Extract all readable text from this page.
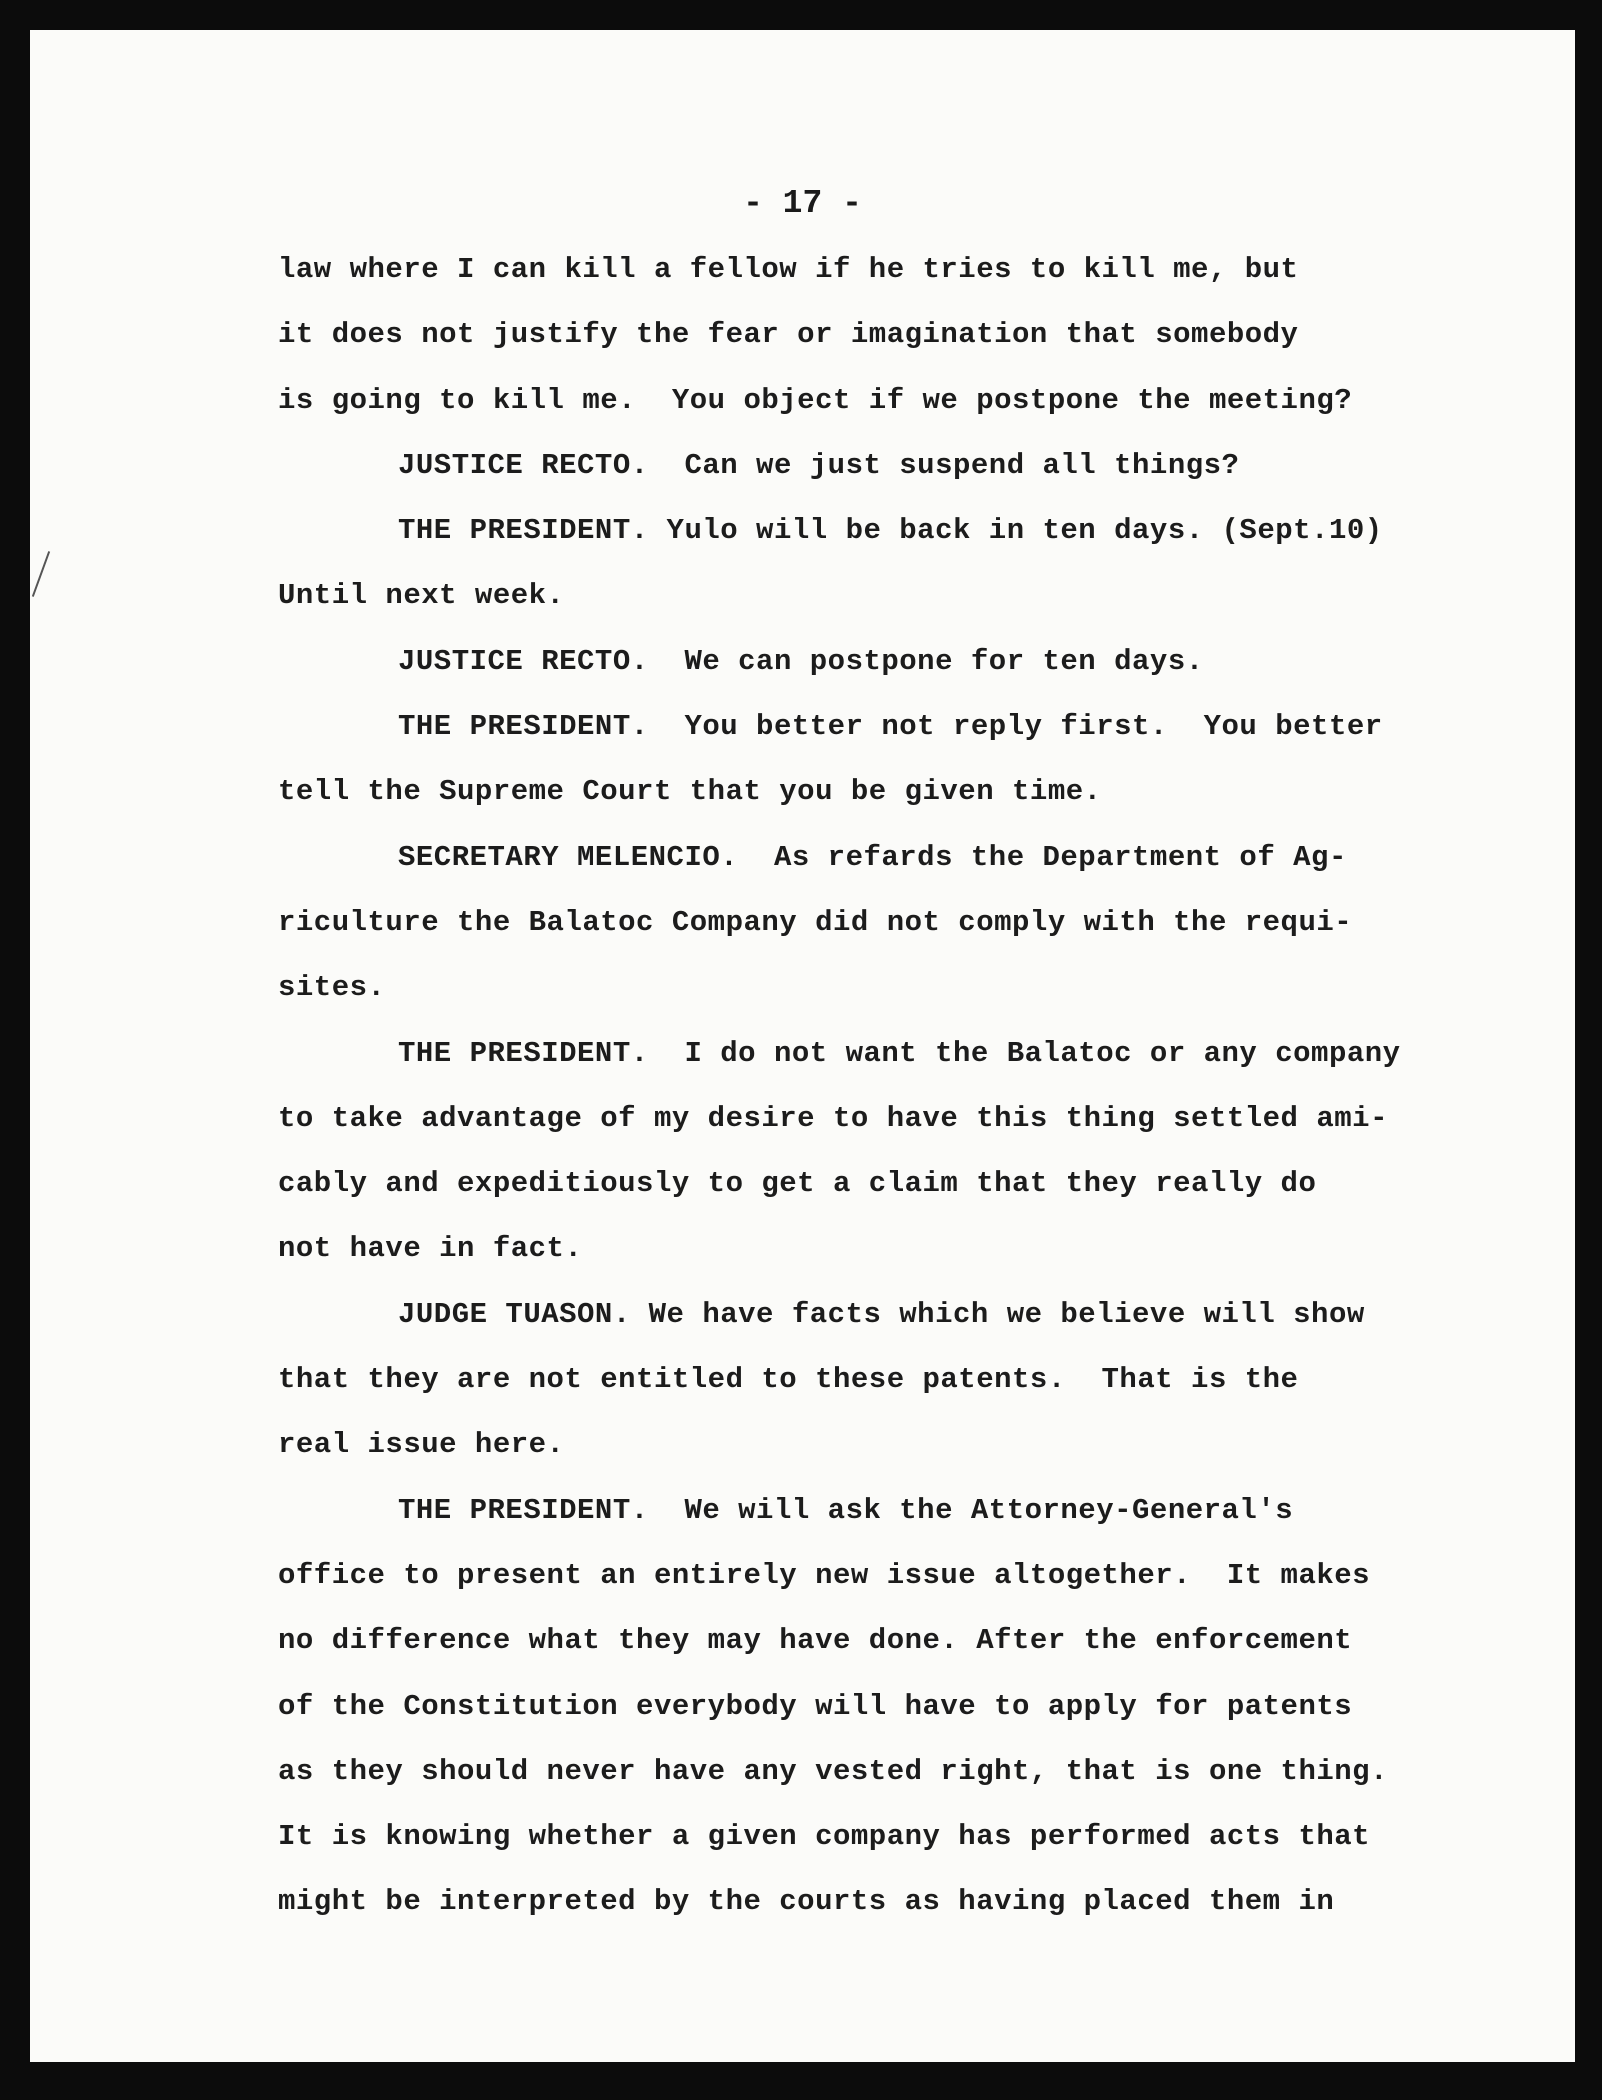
- 17 -
law where I can kill a fellow if he tries to kill me, but
it does not justify the fear or imagination that somebody
is going to kill me.  You object if we postpone the meeting?
JUSTICE RECTO.  Can we just suspend all things?
THE PRESIDENT. Yulo will be back in ten days. (Sept.10)
Until next week.
JUSTICE RECTO.  We can postpone for ten days.
THE PRESIDENT.  You better not reply first.  You better
tell the Supreme Court that you be given time.
SECRETARY MELENCIO.  As refards the Department of Ag-
riculture the Balatoc Company did not comply with the requi-
sites.
THE PRESIDENT.  I do not want the Balatoc or any company
to take advantage of my desire to have this thing settled ami-
cably and expeditiously to get a claim that they really do
not have in fact.
JUDGE TUASON. We have facts which we believe will show
that they are not entitled to these patents.  That is the
real issue here.
THE PRESIDENT.  We will ask the Attorney-General's
office to present an entirely new issue altogether.  It makes
no difference what they may have done. After the enforcement
of the Constitution everybody will have to apply for patents
as they should never have any vested right, that is one thing.
It is knowing whether a given company has performed acts that
might be interpreted by the courts as having placed them in
